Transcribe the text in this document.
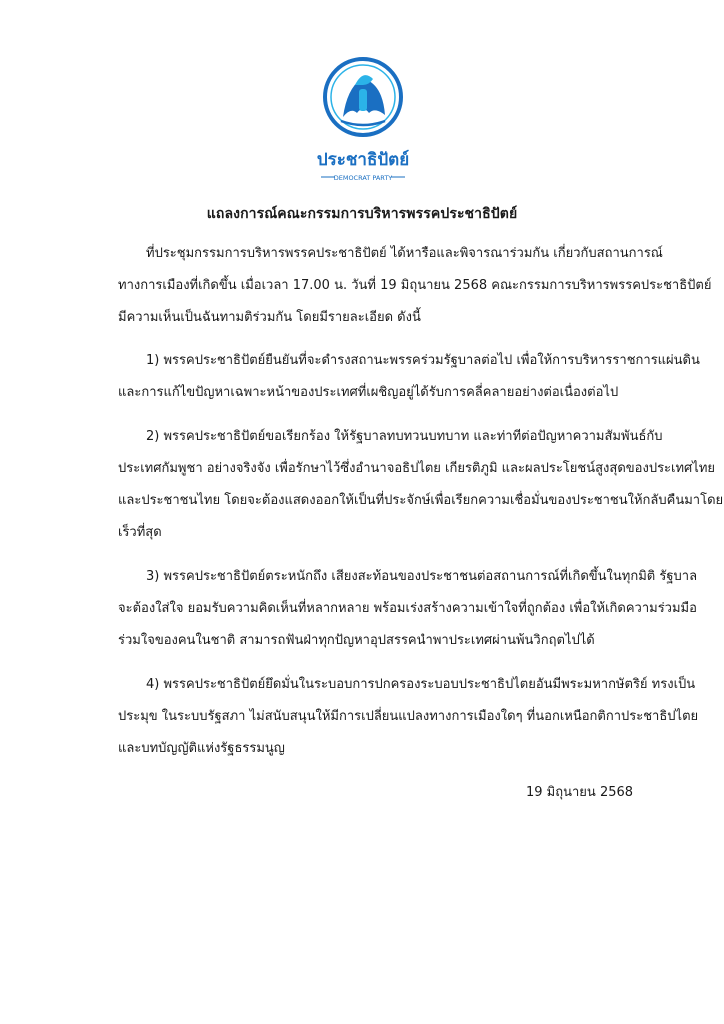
ประชาธิปัตย์
DEMOCRAT PARTY
แถลงการณ์คณะกรรมการบริหารพรรคประชาธิปัตย์
ที่ประชุมกรรมการบริหารพรรคประชาธิปัตย์ ได้หารือและพิจารณาร่วมกัน เกี่ยวกับสถานการณ์
ทางการเมืองที่เกิดขึ้น เมื่อเวลา 17.00 น. วันที่ 19 มิถุนายน 2568 คณะกรรมการบริหารพรรคประชาธิปัตย์
มีความเห็นเป็นฉันทามติร่วมกัน โดยมีรายละเอียด ดังนี้
1) พรรคประชาธิปัตย์ยืนยันที่จะดำรงสถานะพรรคร่วมรัฐบาลต่อไป เพื่อให้การบริหารราชการแผ่นดิน
และการแก้ไขปัญหาเฉพาะหน้าของประเทศที่เผชิญอยู่ได้รับการคลี่คลายอย่างต่อเนื่องต่อไป
2) พรรคประชาธิปัตย์ขอเรียกร้อง ให้รัฐบาลทบทวนบทบาท และท่าทีต่อปัญหาความสัมพันธ์กับ
ประเทศกัมพูชา อย่างจริงจัง เพื่อรักษาไว้ซึ่งอำนาจอธิปไตย เกียรติภูมิ และผลประโยชน์สูงสุดของประเทศไทย
และประชาชนไทย โดยจะต้องแสดงออกให้เป็นที่ประจักษ์เพื่อเรียกความเชื่อมั่นของประชาชนให้กลับคืนมาโดย
เร็วที่สุด
3) พรรคประชาธิปัตย์ตระหนักถึง เสียงสะท้อนของประชาชนต่อสถานการณ์ที่เกิดขึ้นในทุกมิติ รัฐบาล
จะต้องใส่ใจ ยอมรับความคิดเห็นที่หลากหลาย พร้อมเร่งสร้างความเข้าใจที่ถูกต้อง เพื่อให้เกิดความร่วมมือ
ร่วมใจของคนในชาติ สามารถฟันฝ่าทุกปัญหาอุปสรรคนำพาประเทศผ่านพ้นวิกฤตไปได้
4) พรรคประชาธิปัตย์ยึดมั่นในระบอบการปกครองระบอบประชาธิปไตยอันมีพระมหากษัตริย์ ทรงเป็น
ประมุข ในระบบรัฐสภา ไม่สนับสนุนให้มีการเปลี่ยนแปลงทางการเมืองใดๆ ที่นอกเหนือกติกาประชาธิปไตย
และบทบัญญัติแห่งรัฐธรรมนูญ
19 มิถุนายน 2568
